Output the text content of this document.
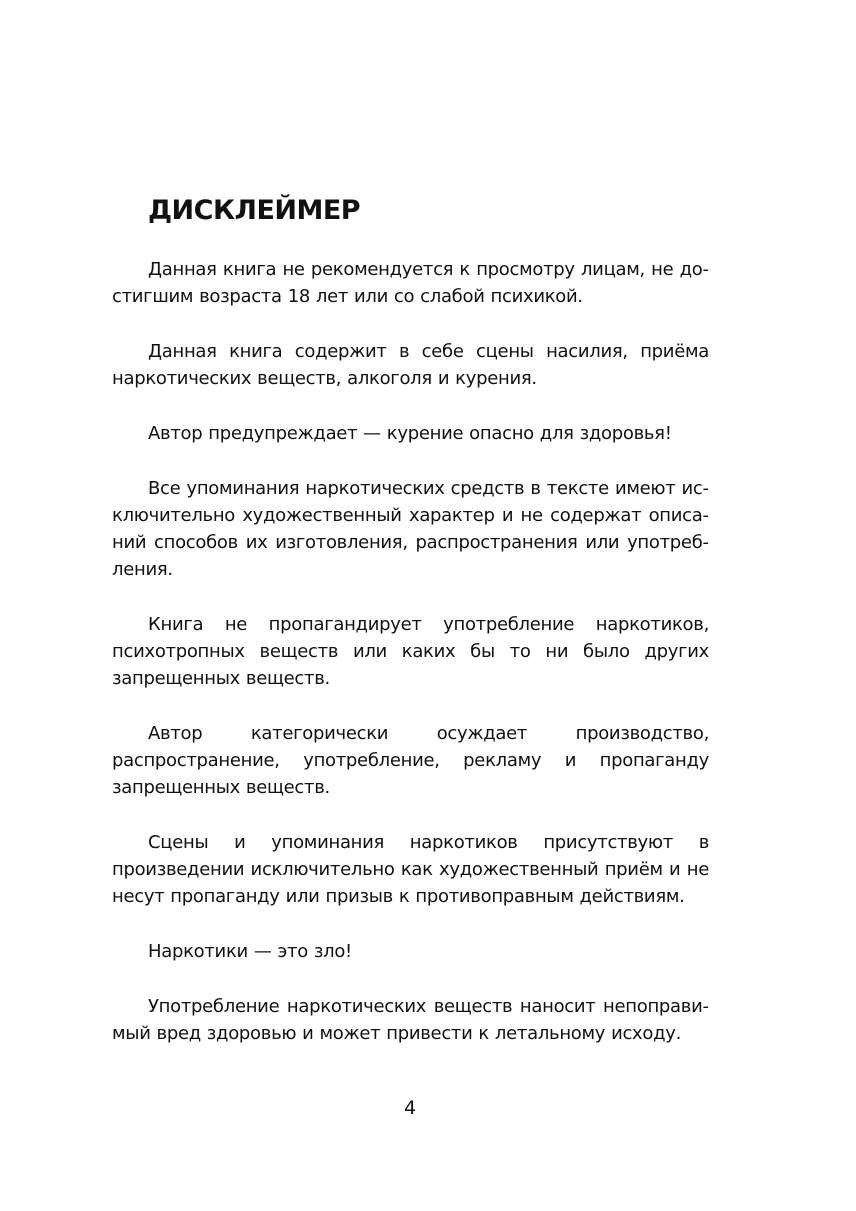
ДИСКЛЕЙМЕР

Данная книга не рекомендуется к просмотру лицам, не достигшим возраста 18 лет или со слабой психикой.

Данная книга содержит в себе сцены насилия, приёма наркотических веществ, алкоголя и курения.

Автор предупреждает — курение опасно для здоровья!

Все упоминания наркотических средств в тексте имеют исключительно художественный характер и не содержат описаний способов их изготовления, распространения или употребления.

Книга не пропагандирует употребление наркотиков, психотропных веществ или каких бы то ни было других запрещенных веществ.

Автор категорически осуждает производство, распространение, употребление, рекламу и пропаганду запрещенных веществ.

Сцены и упоминания наркотиков присутствуют в произведении исключительно как художественный приём и не несут пропаганду или призыв к противоправным действиям.

Наркотики — это зло!

Употребление наркотических веществ наносит непоправимый вред здоровью и может привести к летальному исходу.

4
